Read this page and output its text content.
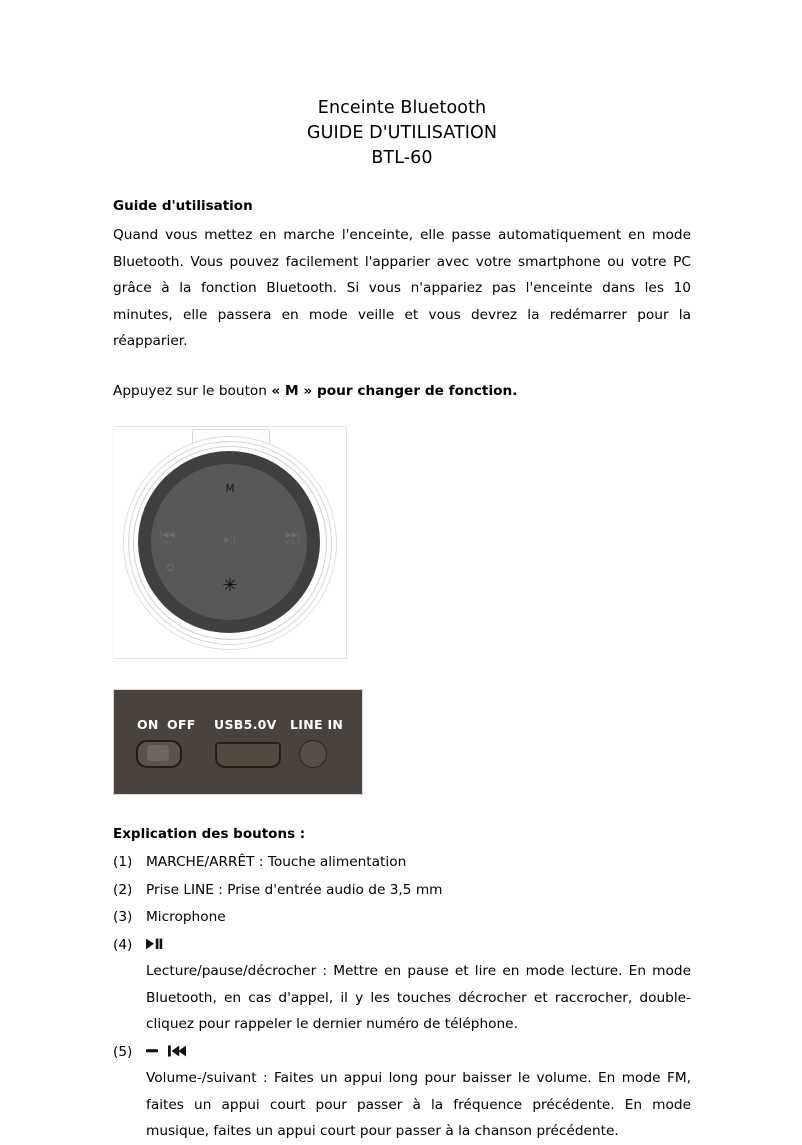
Enceinte Bluetooth
GUIDE D'UTILISATION
BTL-60
Guide d'utilisation

Quand vous mettez en marche l'enceinte, elle passe automatiquement en mode Bluetooth. Vous pouvez facilement l'apparier avec votre smartphone ou votre PC grâce à la fonction Bluetooth. Si vous n'appariez pas l'enceinte dans les 10 minutes, elle passera en mode veille et vous devrez la redémarrer pour la réapparier.

Appuyez sur le bouton « M » pour changer de fonction.

M
|◀◀
VOL-	▶||	▶▶|
VOL+
✳
ON OFF USB5.0V LINE IN
Explication des boutons :
(1) MARCHE/ARRÊT : Touche alimentation
(2) Prise LINE : Prise d'entrée audio de 3,5 mm
(3) Microphone
(4)
Lecture/pause/décrocher : Mettre en pause et lire en mode lecture. En mode Bluetooth, en cas d'appel, il y les touches décrocher et raccrocher, double-cliquez pour rappeler le dernier numéro de téléphone.
(5)

Volume-/suivant : Faites un appui long pour baisser le volume. En mode FM, faites un appui court pour passer à la fréquence précédente. En mode musique, faites un appui court pour passer à la chanson précédente.
